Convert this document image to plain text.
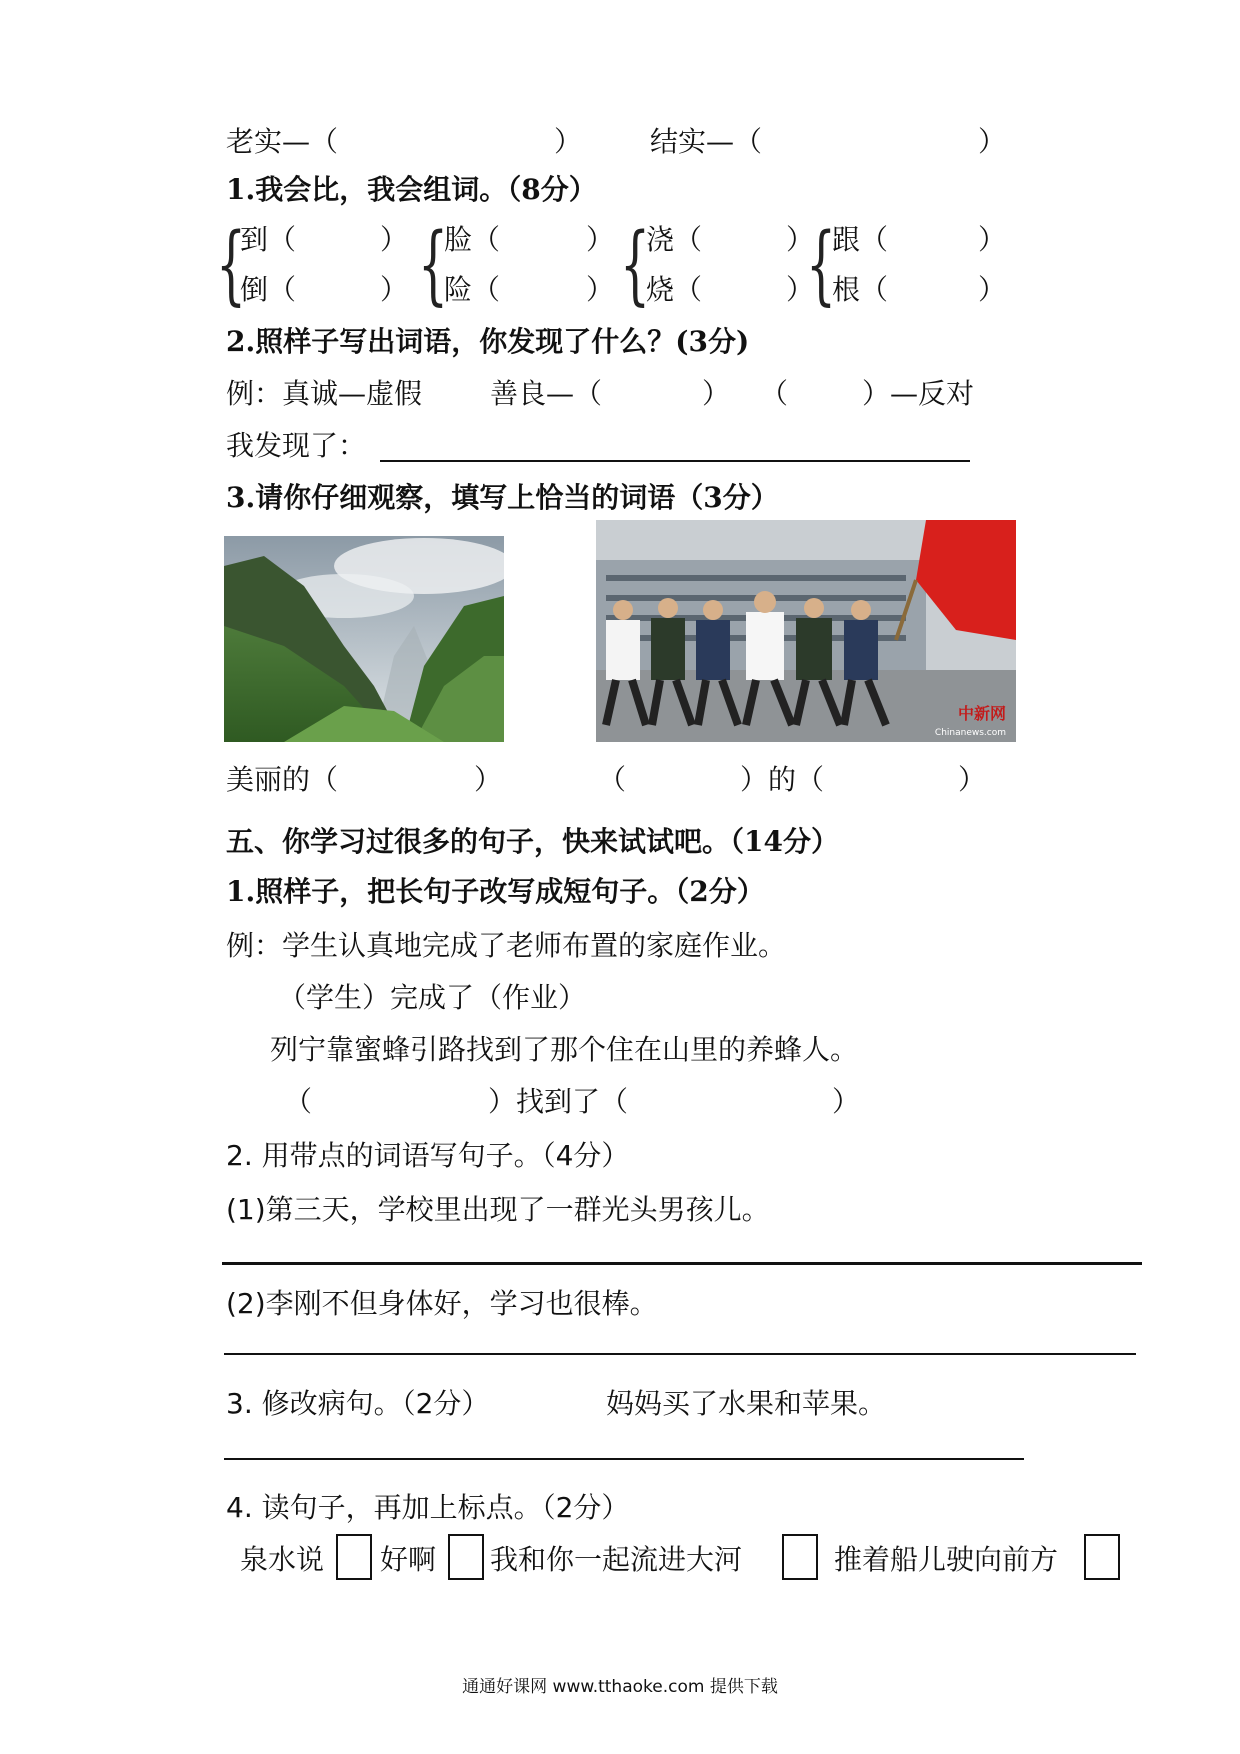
老实—（	） 结实—（	）
1.我会比，我会组词。（8分）
{
到（	）
倒（	） {
脸（	）
险（	） {
浇（	）
烧（	）
{
跟（	）
根（	）
2.照样子写出词语，你发现了什么？(3分)
例：真诚—虚假 善良—（	） （	）—反对
我发现了：
3.请你仔细观察，填写上恰当的词语（3分）
中新网
Chinanews.com
美丽的（	）	（	）的（	）
五、你学习过很多的句子，快来试试吧。（14分）
1.照样子，把长句子改写成短句子。（2分）
例：学生认真地完成了老师布置的家庭作业。
（学生）完成了（作业）
列宁靠蜜蜂引路找到了那个住在山里的养蜂人。
（	）找到了（	）
2. 用带点的词语写句子。（4分）
(1)第三天，学校里出现了一群光头男孩儿。
(2)李刚不但身体好，学习也很棒。
3. 修改病句。（2分）	妈妈买了水果和苹果。
4. 读句子，再加上标点。（2分）
泉水说 好啊 我和你一起流进大河	推着船儿驶向前方
通通好课网 www.tthaoke.com 提供下载
